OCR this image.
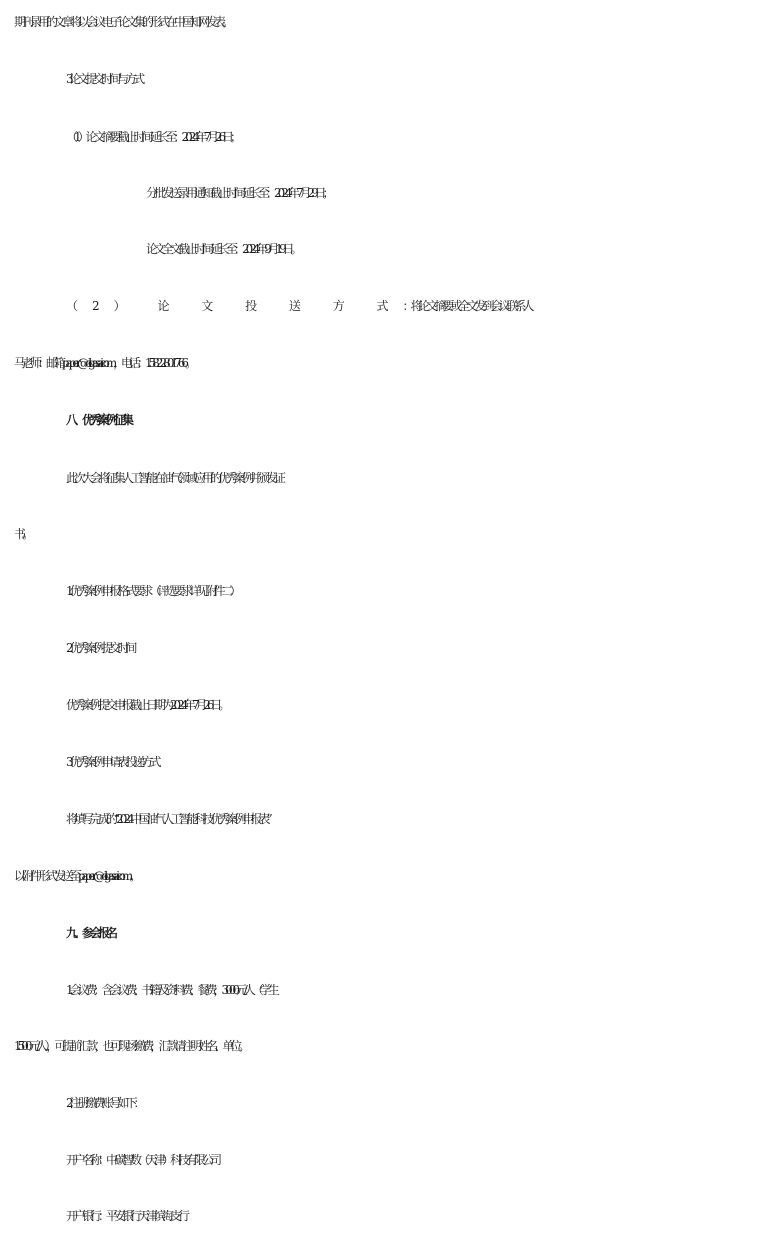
期刊录用的文章将以会议电子论文集的形式在中国知网发表。
3. 论文提交时间与方式
（1） 论文摘要截止时间延长至：2024 年 7 月 26 日；
分批发送录用通知截止时间延长至：2024 年 7 月 29 日；
论文全文截止时间延长至：2024 年 9 月 19 日。
（2） 论 文 投 送 方 式 ：将论文摘要或全文发到会议联系人
马老师：邮箱 paper@oilgasai.com ，电话：15822801766。
八、优秀案例征集
此次大会将征集人工智能在油气领域应用的优秀案例并颁发证
书。
1.优秀案例申报格式要求（评选要求详见附件二）
2.优秀案例提交时间
优秀案例提交申报截止日期为 2024 年 7 月 26 日。
3.优秀案例申请表投递方式
将填写完成的“2024 中国油气人工智能科技优秀案例申报表”
以附件形式发送至 paper@oilgasai.com。
九、参会报名
1.会议费：含会议费、书籍及资料费、餐费，3000 元/人（学生
1500 元/人），可提前汇款，也可现场缴费，汇款请注明姓名、单位。
2.注册缴费账号如下：
开户名称：中碳智数（天津）科技有限公司
开户银行：平安银行天津滨海支行
